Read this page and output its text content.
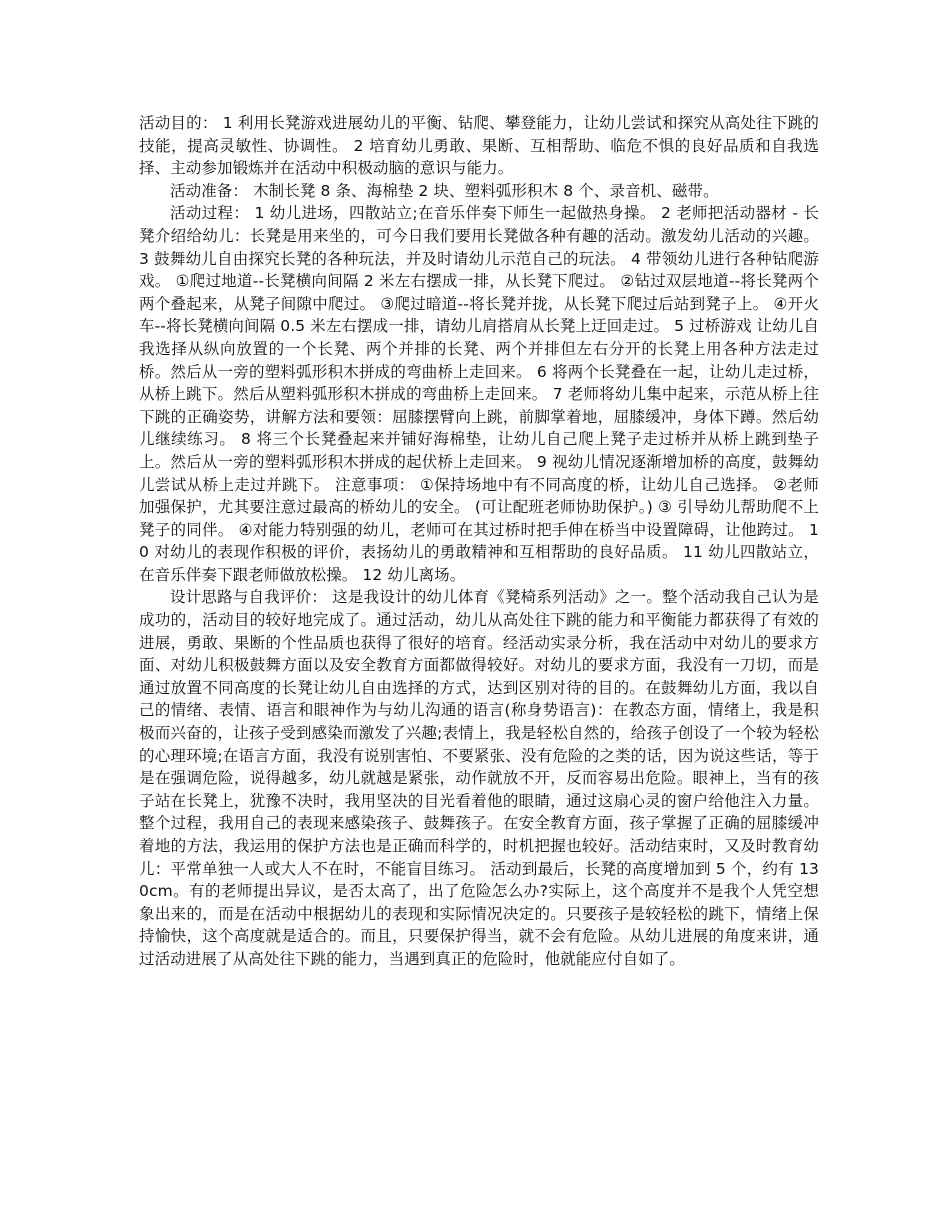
活动目的： 1 利用长凳游戏进展幼儿的平衡、钻爬、攀登能力，让幼儿尝试和探究从高处往下跳的技能，提高灵敏性、协调性。 2 培育幼儿勇敢、果断、互相帮助、临危不惧的良好品质和自我选择、主动参加锻炼并在活动中积极动脑的意识与能力。

活动准备： 木制长凳 8 条、海棉垫 2 块、塑料弧形积木 8 个、录音机、磁带。

活动过程： 1 幼儿进场，四散站立;在音乐伴奏下师生一起做热身操。 2 老师把活动器材 - 长凳介绍给幼儿：长凳是用来坐的，可今日我们要用长凳做各种有趣的活动。激发幼儿活动的兴趣。 3 鼓舞幼儿自由探究长凳的各种玩法，并及时请幼儿示范自己的玩法。 4 带领幼儿进行各种钻爬游戏。 ①爬过地道--长凳横向间隔 2 米左右摆成一排，从长凳下爬过。 ②钻过双层地道--将长凳两个两个叠起来，从凳子间隙中爬过。 ③爬过暗道--将长凳并拢，从长凳下爬过后站到凳子上。 ④开火车--将长凳横向间隔 0.5 米左右摆成一排，请幼儿肩搭肩从长凳上迂回走过。 5 过桥游戏 让幼儿自我选择从纵向放置的一个长凳、两个并排的长凳、两个并排但左右分开的长凳上用各种方法走过桥。然后从一旁的塑料弧形积木拼成的弯曲桥上走回来。 6 将两个长凳叠在一起，让幼儿走过桥，从桥上跳下。然后从塑料弧形积木拼成的弯曲桥上走回来。 7 老师将幼儿集中起来，示范从桥上往下跳的正确姿势，讲解方法和要领：屈膝摆臂向上跳，前脚掌着地，屈膝缓冲，身体下蹲。然后幼儿继续练习。 8 将三个长凳叠起来并铺好海棉垫，让幼儿自己爬上凳子走过桥并从桥上跳到垫子上。然后从一旁的塑料弧形积木拼成的起伏桥上走回来。 9 视幼儿情况逐渐增加桥的高度，鼓舞幼儿尝试从桥上走过并跳下。 注意事项： ①保持场地中有不同高度的桥，让幼儿自己选择。 ②老师加强保护，尤其要注意过最高的桥幼儿的安全。 (可让配班老师协助保护。) ③ 引导幼儿帮助爬不上凳子的同伴。 ④对能力特别强的幼儿，老师可在其过桥时把手伸在桥当中设置障碍，让他跨过。 10 对幼儿的表现作积极的评价，表扬幼儿的勇敢精神和互相帮助的良好品质。 11 幼儿四散站立，在音乐伴奏下跟老师做放松操。 12 幼儿离场。

设计思路与自我评价： 这是我设计的幼儿体育《凳椅系列活动》之一。整个活动我自己认为是成功的，活动目的较好地完成了。通过活动，幼儿从高处往下跳的能力和平衡能力都获得了有效的进展，勇敢、果断的个性品质也获得了很好的培育。经活动实录分析，我在活动中对幼儿的要求方面、对幼儿积极鼓舞方面以及安全教育方面都做得较好。对幼儿的要求方面，我没有一刀切，而是通过放置不同高度的长凳让幼儿自由选择的方式，达到区别对待的目的。在鼓舞幼儿方面，我以自己的情绪、表情、语言和眼神作为与幼儿沟通的语言(称身势语言)：在教态方面，情绪上，我是积极而兴奋的，让孩子受到感染而激发了兴趣;表情上，我是轻松自然的，给孩子创设了一个较为轻松的心理环境;在语言方面，我没有说别害怕、不要紧张、没有危险的之类的话，因为说这些话，等于是在强调危险，说得越多，幼儿就越是紧张，动作就放不开，反而容易出危险。眼神上，当有的孩子站在长凳上，犹豫不决时，我用坚决的目光看着他的眼睛，通过这扇心灵的窗户给他注入力量。整个过程，我用自己的表现来感染孩子、鼓舞孩子。在安全教育方面，孩子掌握了正确的屈膝缓冲着地的方法，我运用的保护方法也是正确而科学的，时机把握也较好。活动结束时，又及时教育幼儿：平常单独一人或大人不在时，不能盲目练习。 活动到最后，长凳的高度增加到 5 个，约有 130cm。有的老师提出异议，是否太高了，出了危险怎么办?实际上，这个高度并不是我个人凭空想象出来的，而是在活动中根据幼儿的表现和实际情况决定的。只要孩子是较轻松的跳下，情绪上保持愉快，这个高度就是适合的。而且，只要保护得当，就不会有危险。从幼儿进展的角度来讲，通过活动进展了从高处往下跳的能力，当遇到真正的危险时，他就能应付自如了。
